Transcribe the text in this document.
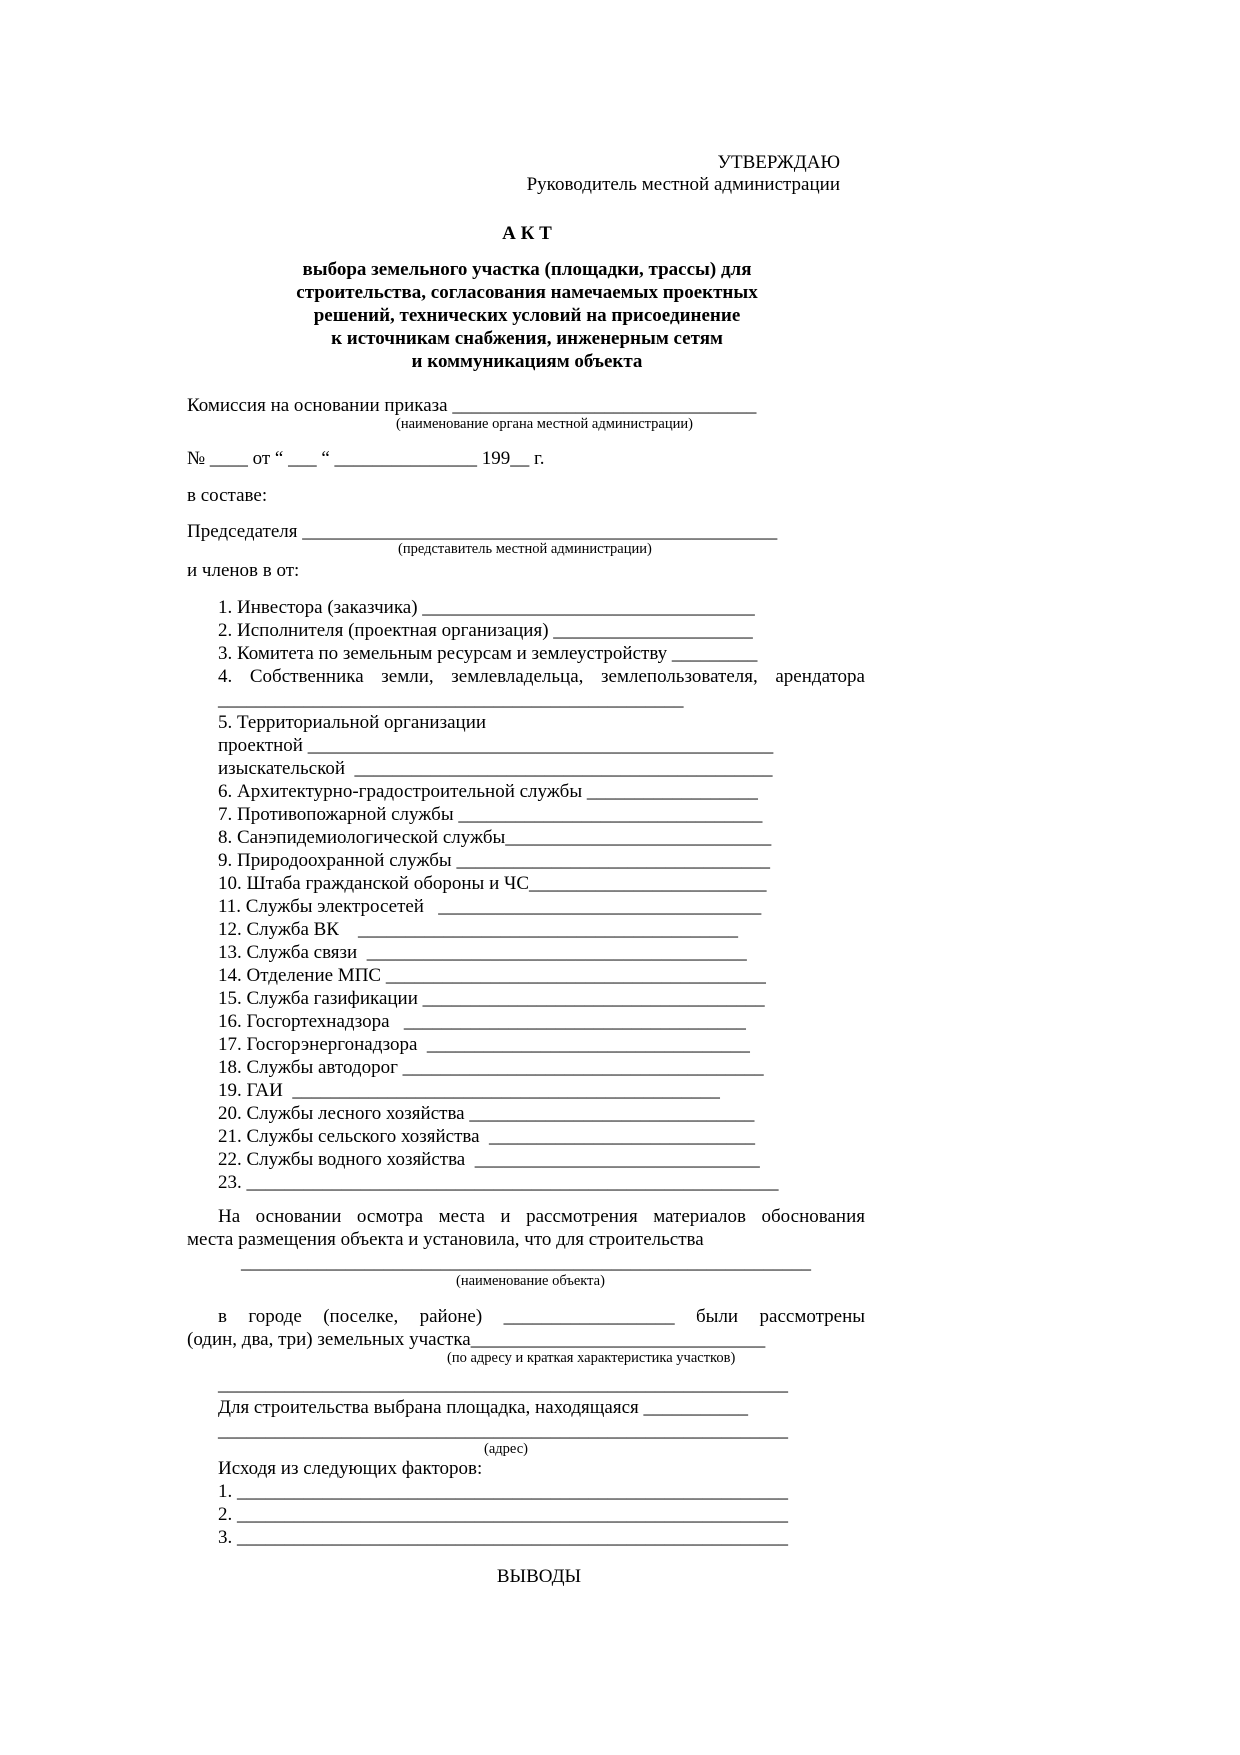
УТВЕРЖДАЮ
Руководитель местной администрации
А К Т
выбора земельного участка (площадки, трассы) для
строительства, согласования намечаемых проектных
решений, технических условий на присоединение
к источникам снабжения, инженерным сетям
и коммуникациям объекта
Комиссия на основании приказа ________________________________
(наименование органа местной администрации)
№ ____ от “ ___ “ _______________ 199__ г.
в составе:
Председателя __________________________________________________
(представитель местной администрации)
и членов в от:
1. Инвестора (заказчика) ___________________________________
2. Исполнителя (проектная организация) _____________________
3. Комитета по земельным ресурсам и землеустройству _________
4. Собственника земли, землевладельца, землепользователя, арендатора
_________________________________________________
5. Территориальной организации
проектной _________________________________________________
изыскательской  ____________________________________________
6. Архитектурно-градостроительной службы __________________
7. Противопожарной службы ________________________________
8. Санэпидемиологической службы____________________________
9. Природоохранной службы _________________________________
10. Штаба гражданской обороны и ЧС_________________________
11. Службы электросетей   __________________________________
12. Служба ВК    ________________________________________
13. Служба связи  ________________________________________
14. Отделение МПС ________________________________________
15. Служба газификации ____________________________________
16. Госгортехнадзора   ____________________________________
17. Госгорэнергонадзора  __________________________________
18. Службы автодорог ______________________________________
19. ГАИ  _____________________________________________
20. Службы лесного хозяйства ______________________________
21. Службы сельского хозяйства  ____________________________
22. Службы водного хозяйства  ______________________________
23. ________________________________________________________
На основании осмотра места и рассмотрения материалов обоснования
места размещения объекта и установила, что для строительства
____________________________________________________________
(наименование объекта)
в городе (поселке, районе) __________________ были рассмотрены
(один, два, три) земельных участка_______________________________
(по адресу и краткая характеристика участков)
____________________________________________________________
Для строительства выбрана площадка, находящаяся ___________
____________________________________________________________
(адрес)
Исходя из следующих факторов:
1. __________________________________________________________
2. __________________________________________________________
3. __________________________________________________________
ВЫВОДЫ
